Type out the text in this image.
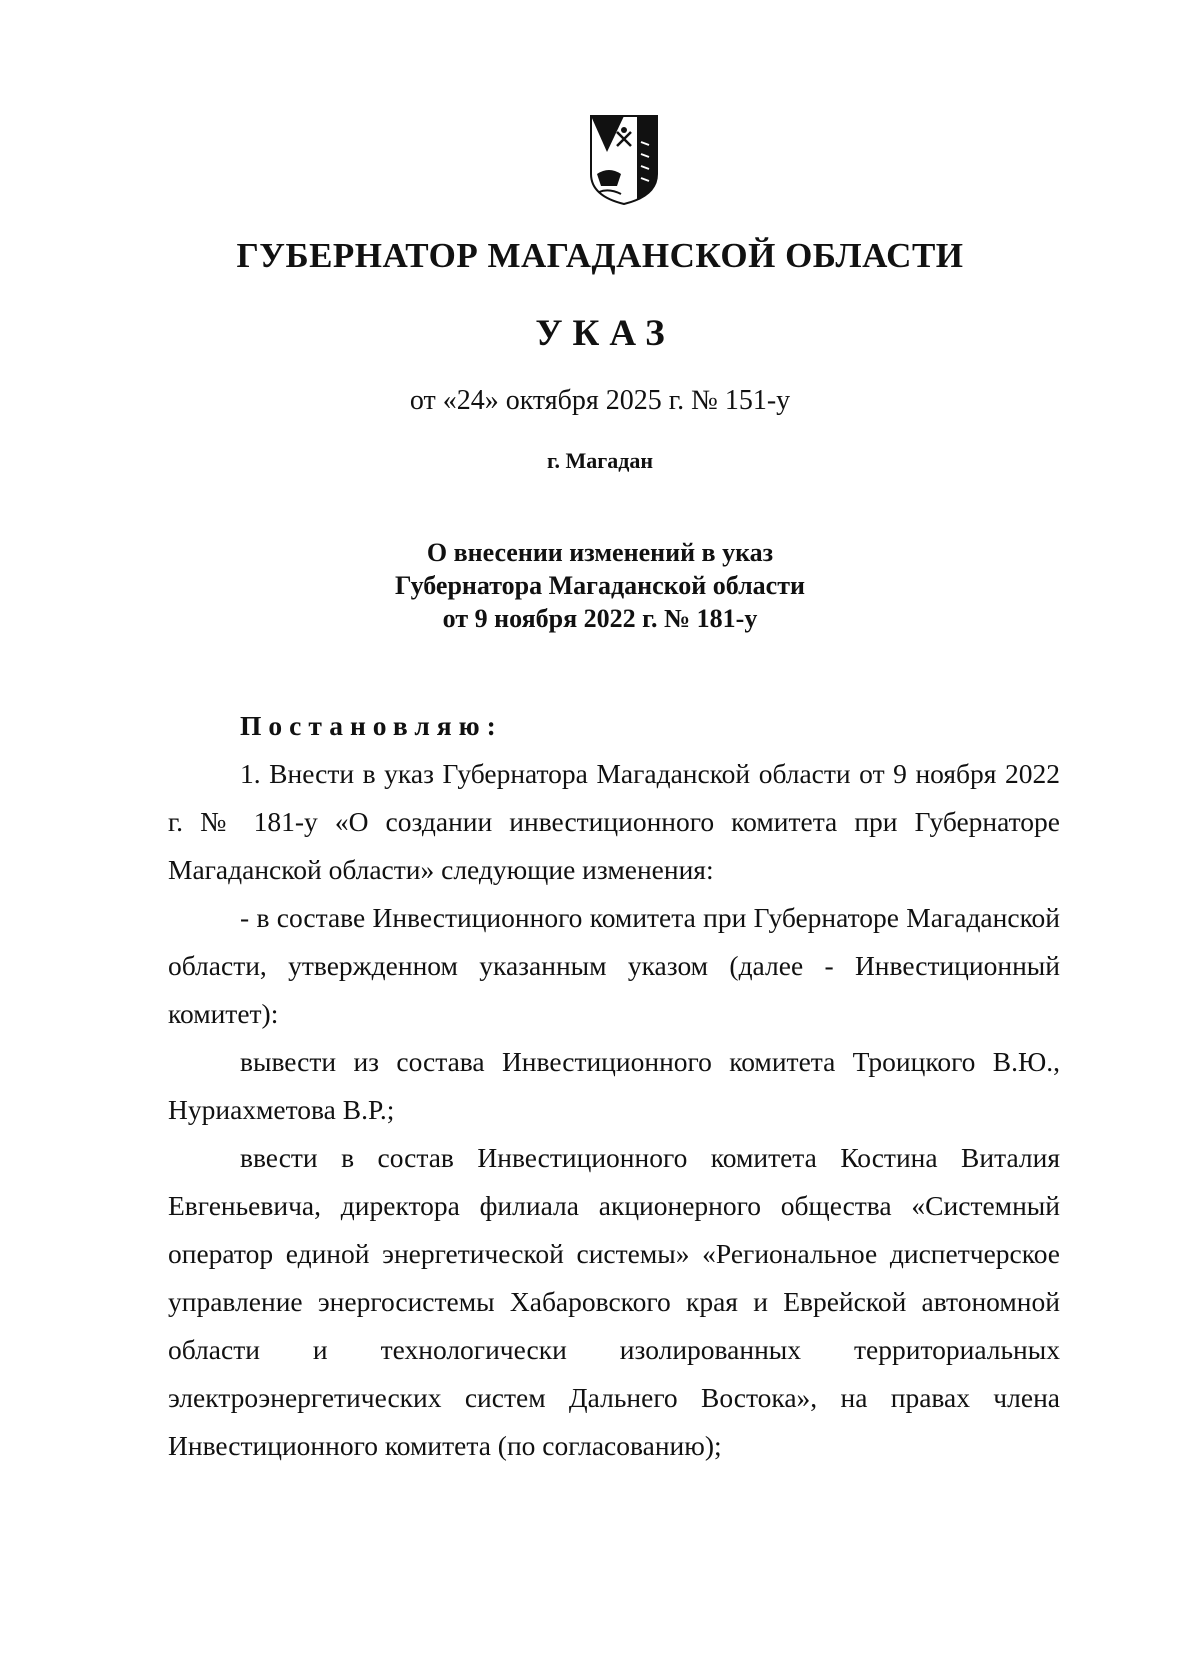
ГУБЕРНАТОР МАГАДАНСКОЙ ОБЛАСТИ
УКАЗ
от «24» октября 2025 г. № 151-у
г. Магадан
О внесении изменений в указ
Губернатора Магаданской области
от 9 ноября 2022 г. № 181-у
Постановляю:

1. Внести в указ Губернатора Магаданской области от 9 ноября 2022 г. № 181-у «О создании инвестиционного комитета при Губернаторе Магаданской области» следующие изменения:

- в составе Инвестиционного комитета при Губернаторе Магаданской области, утвержденном указанным указом (далее - Инвестиционный комитет):

вывести из состава Инвестиционного комитета Троицкого В.Ю., Нуриахметова В.Р.;

ввести в состав Инвестиционного комитета Костина Виталия Евгеньевича, директора филиала акционерного общества «Системный оператор единой энергетической системы» «Региональное диспетчерское управление энергосистемы Хабаровского края и Еврейской автономной области и технологически изолированных территориальных электроэнергетических систем Дальнего Востока», на правах члена Инвестиционного комитета (по согласованию);
